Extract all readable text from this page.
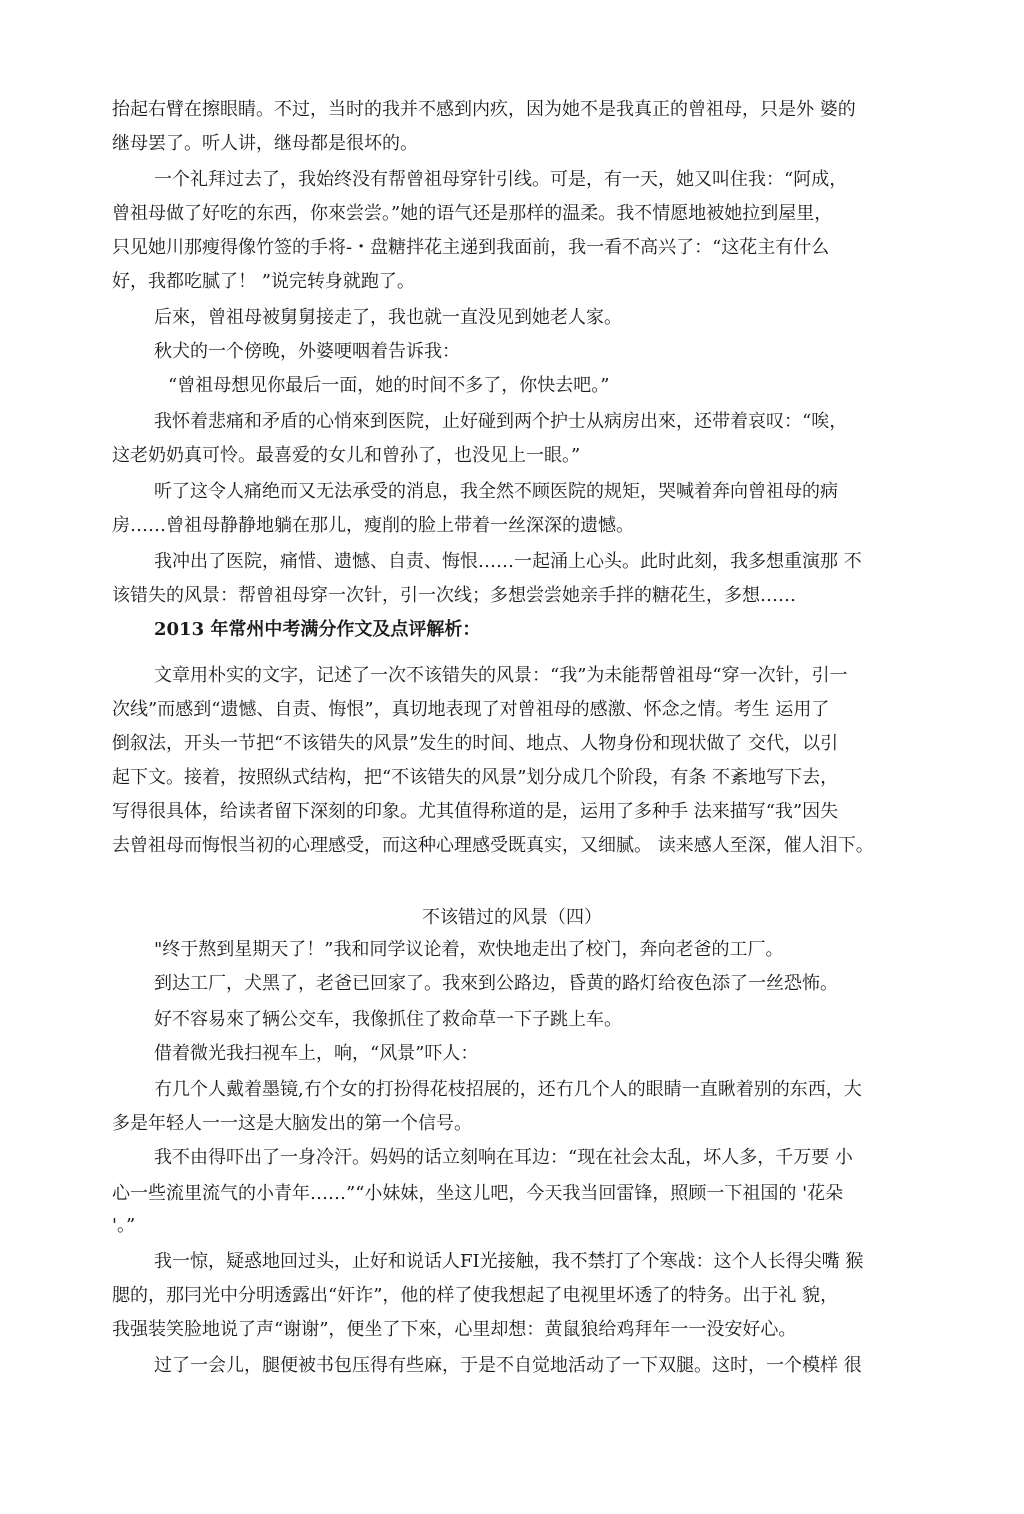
抬起右臂在擦眼睛。不过，当时的我并不感到内疚，因为她不是我真正的曾祖母，只是外 婆的
继母罢了。听人讲，继母都是很坏的。
一个礼拜过去了，我始终没有帮曾祖母穿针引线。可是，有一天，她又叫住我：“阿成，
曾祖母做了好吃的东西，你來尝尝。”她的语气还是那样的温柔。我不情愿地被她拉到屋里，
只见她川那瘦得像竹签的手将-・盘糖拌花主递到我面前，我一看不高兴了：“这花主有什么
好，我都吃腻了！ ”说完转身就跑了。
后來，曾祖母被舅舅接走了，我也就一直没见到她老人家。
秋犬的一个傍晚，外婆哽咽着告诉我：
“曾祖母想见你最后一面，她的时间不多了，你快去吧。”
我怀着悲痛和矛盾的心悄來到医院，止好碰到两个护士从病房出來，还带着哀叹：“唉，
这老奶奶真可怜。最喜爱的女儿和曾孙了，也没见上一眼。”
听了这令人痛绝而又无法承受的消息，我全然不顾医院的规矩，哭喊着奔向曾祖母的病
房……曾祖母静静地躺在那儿，瘦削的脸上带着一丝深深的遗憾。
我冲出了医院，痛惜、遗憾、自责、悔恨……一起涌上心头。此时此刻，我多想重演那 不
该错失的风景：帮曾祖母穿一次针，引一次线；多想尝尝她亲手拌的糖花生，多想……
2013 年常州中考满分作文及点评解析：
文章用朴实的文字，记述了一次不该错失的风景：“我”为未能帮曾祖母“穿一次针，引一
次线”而感到“遗憾、自责、悔恨”，真切地表现了对曾祖母的感激、怀念之情。考生 运用了
倒叙法，开头一节把“不该错失的风景”发生的时间、地点、人物身份和现状做了 交代，以引
起下文。接着，按照纵式结构，把“不该错失的风景”划分成几个阶段，有条 不紊地写下去，
写得很具体，给读者留下深刻的印象。尤其值得称道的是，运用了多种手 法来描写“我”因失
去曾祖母而悔恨当初的心理感受，而这种心理感受既真实，又细腻。 读来感人至深，催人泪下。
不该错过的风景（四）
"终于熬到星期天了！”我和同学议论着，欢快地走出了校门，奔向老爸的工厂。
到达工厂，犬黑了，老爸已回家了。我來到公路边，昏黄的路灯给夜色添了一丝恐怖。
好不容易來了辆公交车，我像抓住了救命草一下子跳上车。
借着微光我扫视车上，响，“风景”吓人：
冇几个人戴着墨镜,冇个女的打扮得花枝招展的，还冇几个人的眼睛一直瞅着别的东西，大
多是年轻人一一这是大脑发出的第一个信号。
我不由得吓出了一身冷汗。妈妈的话立刻响在耳边：“现在社会太乱，坏人多，千万要 小
心一些流里流气的小青年……”“小妹妹，坐这儿吧，今天我当回雷锋，照顾一下祖国的 '花朵
'。”
我一惊，疑惑地回过头，止好和说话人FI光接触，我不禁打了个寒战：这个人长得尖嘴 猴
腮的，那冃光中分明透露出“奸诈”，他的样了使我想起了电视里坏透了的特务。出于礼 貌，
我强装笑脸地说了声“谢谢”，便坐了下來，心里却想：黄鼠狼给鸡拜年一一没安好心。
过了一会儿，腿便被书包压得有些麻，于是不自觉地活动了一下双腿。这时，一个模样 很
